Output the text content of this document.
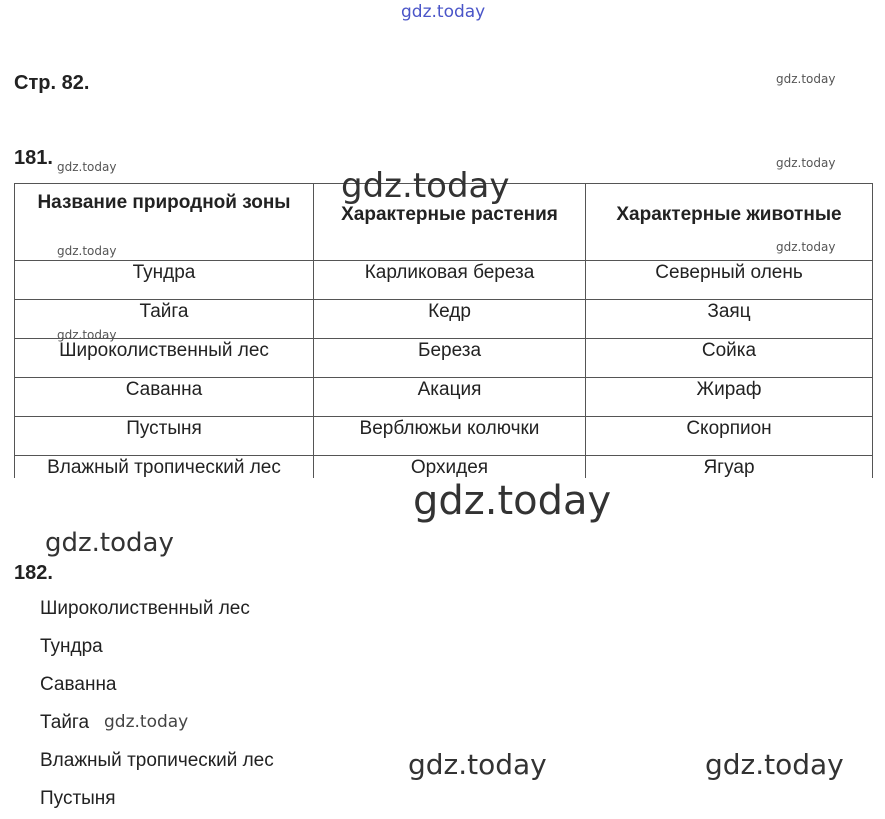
gdz.today
gdz.today
gdz.today	gdz.today
Стр. 82.
181.
Название природной зоны	Характерные растения	Характерные животные
Тундра	Карликовая береза	Северный олень
Тайга	Кедр	Заяц
Широколиственный лес	Береза	Сойка
Саванна	Акация	Жираф
Пустыня	Верблюжьи колючки	Скорпион
Влажный тропический лес	Орхидея	Ягуар
gdz.today
gdz.today	gdz.today
gdz.today
gdz.today
gdz.today
182.
Широколиственный лес
Тундра
Саванна
Тайга
Влажный тропический лес
Пустыня
gdz.today
gdz.today	gdz.today
